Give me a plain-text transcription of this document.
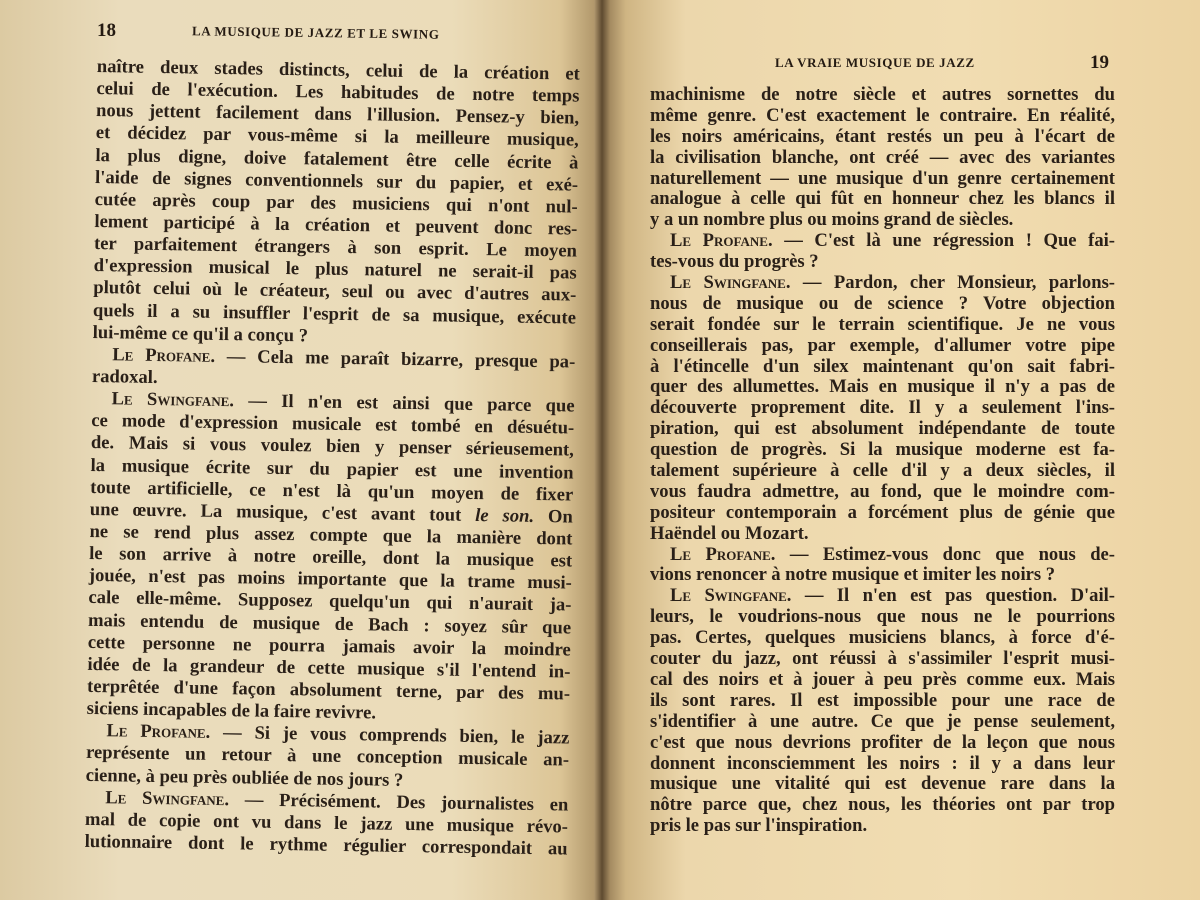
18	LA MUSIQUE DE JAZZ ET LE SWING
LA VRAIE MUSIQUE DE JAZZ	19
naître deux stades distincts, celui de la création et
celui de l'exécution. Les habitudes de notre temps
nous jettent facilement dans l'illusion. Pensez-y bien,
et décidez par vous-même si la meilleure musique,
la plus digne, doive fatalement être celle écrite à
l'aide de signes conventionnels sur du papier, et exé-
cutée après coup par des musiciens qui n'ont nul-
lement participé à la création et peuvent donc res-
ter parfaitement étrangers à son esprit. Le moyen
d'expression musical le plus naturel ne serait-il pas
plutôt celui où le créateur, seul ou avec d'autres aux-
quels il a su insuffler l'esprit de sa musique, exécute
lui-même ce qu'il a conçu ?
Le Profane. — Cela me paraît bizarre, presque pa-
radoxal.
Le Swingfane. — Il n'en est ainsi que parce que
ce mode d'expression musicale est tombé en désuétu-
de. Mais si vous voulez bien y penser sérieusement,
la musique écrite sur du papier est une invention
toute artificielle, ce n'est là qu'un moyen de fixer
une œuvre. La musique, c'est avant tout le son. On
ne se rend plus assez compte que la manière dont
le son arrive à notre oreille, dont la musique est
jouée, n'est pas moins importante que la trame musi-
cale elle-même. Supposez quelqu'un qui n'aurait ja-
mais entendu de musique de Bach : soyez sûr que
cette personne ne pourra jamais avoir la moindre
idée de la grandeur de cette musique s'il l'entend in-
terprêtée d'une façon absolument terne, par des mu-
siciens incapables de la faire revivre.
Le Profane. — Si je vous comprends bien, le jazz
représente un retour à une conception musicale an-
cienne, à peu près oubliée de nos jours ?
Le Swingfane. — Précisément. Des journalistes en
mal de copie ont vu dans le jazz une musique révo-
lutionnaire dont le rythme régulier correspondait au
machinisme de notre siècle et autres sornettes du
même genre. C'est exactement le contraire. En réalité,
les noirs américains, étant restés un peu à l'écart de
la civilisation blanche, ont créé — avec des variantes
naturellement — une musique d'un genre certainement
analogue à celle qui fût en honneur chez les blancs il
y a un nombre plus ou moins grand de siècles.
Le Profane. — C'est là une régression ! Que fai-
tes-vous du progrès ?
Le Swingfane. — Pardon, cher Monsieur, parlons-
nous de musique ou de science ? Votre objection
serait fondée sur le terrain scientifique. Je ne vous
conseillerais pas, par exemple, d'allumer votre pipe
à l'étincelle d'un silex maintenant qu'on sait fabri-
quer des allumettes. Mais en musique il n'y a pas de
découverte proprement dite. Il y a seulement l'ins-
piration, qui est absolument indépendante de toute
question de progrès. Si la musique moderne est fa-
talement supérieure à celle d'il y a deux siècles, il
vous faudra admettre, au fond, que le moindre com-
positeur contemporain a forcément plus de génie que
Haëndel ou Mozart.
Le Profane. — Estimez-vous donc que nous de-
vions renoncer à notre musique et imiter les noirs ?
Le Swingfane. — Il n'en est pas question. D'ail-
leurs, le voudrions-nous que nous ne le pourrions
pas. Certes, quelques musiciens blancs, à force d'é-
couter du jazz, ont réussi à s'assimiler l'esprit musi-
cal des noirs et à jouer à peu près comme eux. Mais
ils sont rares. Il est impossible pour une race de
s'identifier à une autre. Ce que je pense seulement,
c'est que nous devrions profiter de la leçon que nous
donnent inconsciemment les noirs : il y a dans leur
musique une vitalité qui est devenue rare dans la
nôtre parce que, chez nous, les théories ont par trop
pris le pas sur l'inspiration.
